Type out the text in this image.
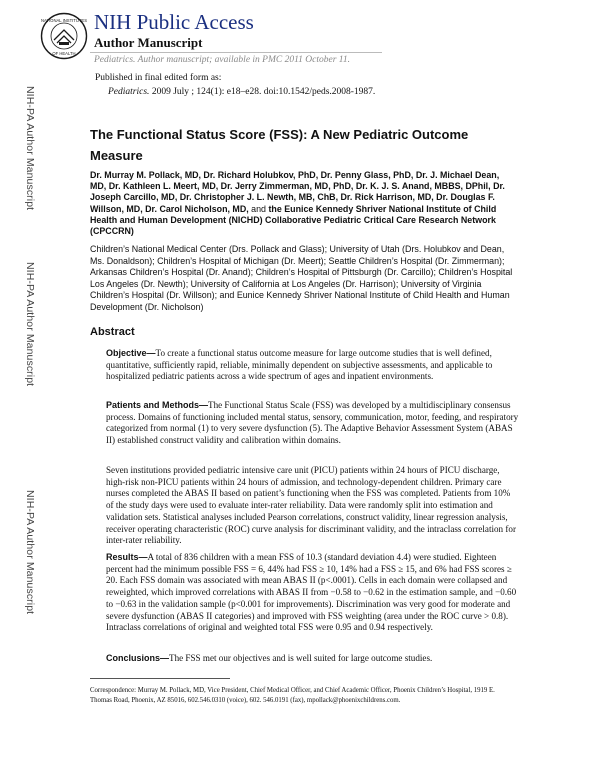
NATIONAL INSTITUTES
OF HEALTH
NIH Public Access
Author Manuscript
Pediatrics. Author manuscript; available in PMC 2011 October 11.
Published in final edited form as:
Pediatrics. 2009 July ; 124(1): e18–e28. doi:10.1542/peds.2008-1987.
NIH-PA Author Manuscript
NIH-PA Author Manuscript
NIH-PA Author Manuscript
The Functional Status Score (FSS): A New Pediatric Outcome Measure
Dr. Murray M. Pollack, MD, Dr. Richard Holubkov, PhD, Dr. Penny Glass, PhD, Dr. J. Michael Dean, MD, Dr. Kathleen L. Meert, MD, Dr. Jerry Zimmerman, MD, PhD, Dr. K. J. S. Anand, MBBS, DPhil, Dr. Joseph Carcillo, MD, Dr. Christopher J. L. Newth, MB, ChB, Dr. Rick Harrison, MD, Dr. Douglas F. Willson, MD, Dr. Carol Nicholson, MD, and the Eunice Kennedy Shriver National Institute of Child Health and Human Development (NICHD) Collaborative Pediatric Critical Care Research Network (CPCCRN)
Children’s National Medical Center (Drs. Pollack and Glass); University of Utah (Drs. Holubkov and Dean, Ms. Donaldson); Children’s Hospital of Michigan (Dr. Meert); Seattle Children’s Hospital (Dr. Zimmerman); Arkansas Children’s Hospital (Dr. Anand); Children’s Hospital of Pittsburgh (Dr. Carcillo); Children’s Hospital Los Angeles (Dr. Newth); University of California at Los Angeles (Dr. Harrison); University of Virginia Children’s Hospital (Dr. Willson); and Eunice Kennedy Shriver National Institute of Child Health and Human Development (Dr. Nicholson)
Abstract
Objective—To create a functional status outcome measure for large outcome studies that is well defined, quantitative, sufficiently rapid, reliable, minimally dependent on subjective assessments, and applicable to hospitalized pediatric patients across a wide spectrum of ages and inpatient environments.
Patients and Methods—The Functional Status Scale (FSS) was developed by a multidisciplinary consensus process. Domains of functioning included mental status, sensory, communication, motor, feeding, and respiratory categorized from normal (1) to very severe dysfunction (5). The Adaptive Behavior Assessment System (ABAS II) established construct validity and calibration within domains.
Seven institutions provided pediatric intensive care unit (PICU) patients within 24 hours of PICU discharge, high-risk non-PICU patients within 24 hours of admission, and technology-dependent children. Primary care nurses completed the ABAS II based on patient’s functioning when the FSS was completed. Patients from 10% of the study days were used to evaluate inter-rater reliability. Data were randomly split into estimation and validation sets. Statistical analyses included Pearson correlations, construct validity, linear regression analysis, receiver operating characteristic (ROC) curve analysis for discriminant validity, and the intraclass correlation for inter-rater reliability.
Results—A total of 836 children with a mean FSS of 10.3 (standard deviation 4.4) were studied. Eighteen percent had the minimum possible FSS = 6, 44% had FSS ≥ 10, 14% had a FSS ≥ 15, and 6% had FSS scores ≥ 20. Each FSS domain was associated with mean ABAS II (p<.0001). Cells in each domain were collapsed and reweighted, which improved correlations with ABAS II from −0.58 to −0.62 in the estimation sample, and −0.60 to −0.63 in the validation sample (p<0.001 for improvements). Discrimination was very good for moderate and severe dysfunction (ABAS II categories) and improved with FSS weighting (area under the ROC curve > 0.8). Intraclass correlations of original and weighted total FSS were 0.95 and 0.94 respectively.
Conclusions—The FSS met our objectives and is well suited for large outcome studies.
Correspondence: Murray M. Pollack, MD, Vice President, Chief Medical Officer, and Chief Academic Officer, Phoenix Children’s Hospital, 1919 E. Thomas Road, Phoenix, AZ 85016, 602.546.0310 (voice), 602. 546.0191 (fax), mpollack@phoenixchildrens.com.
